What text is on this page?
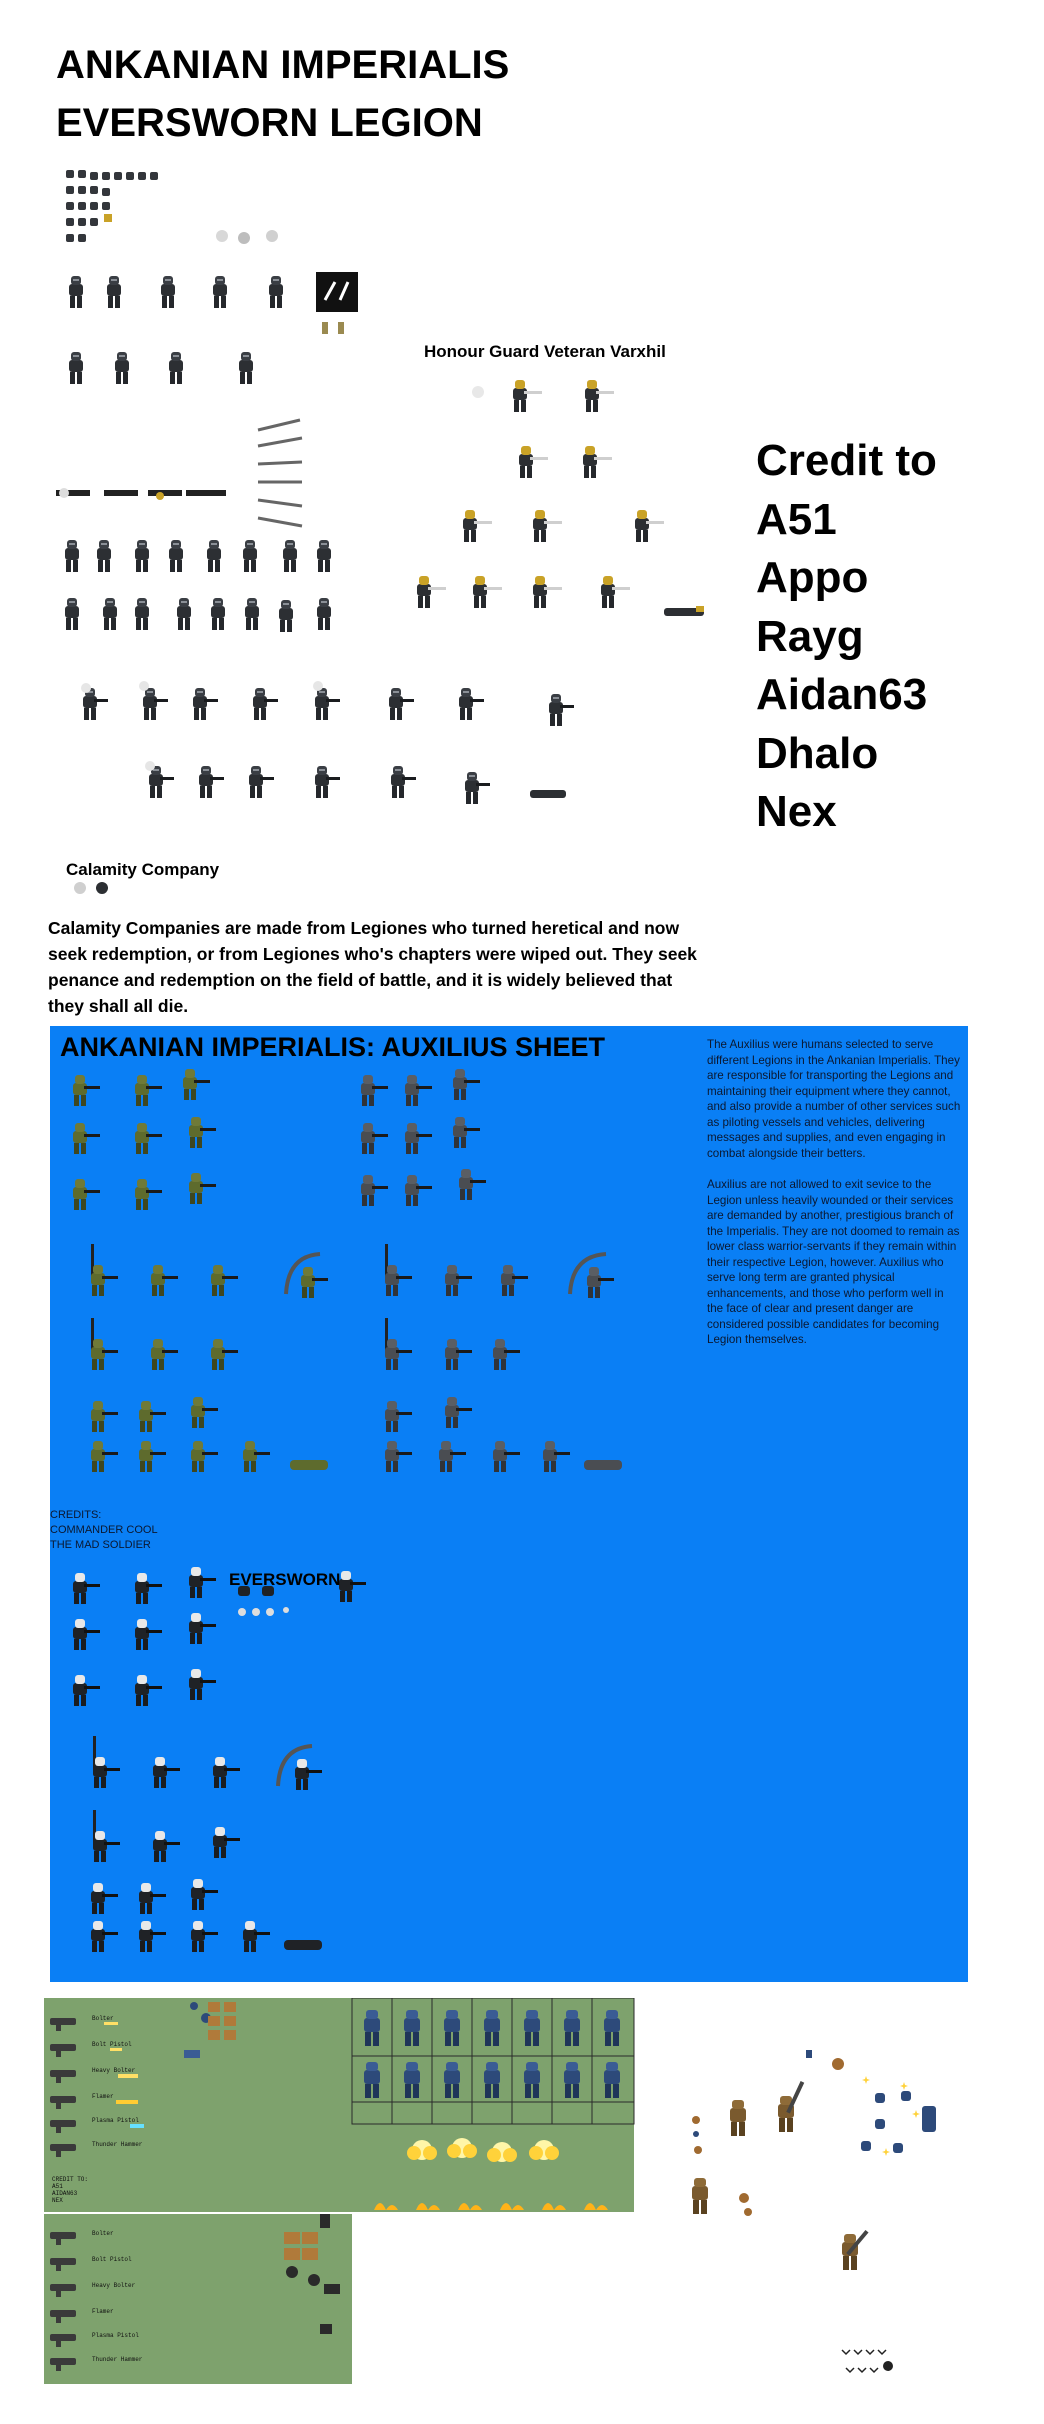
ANKANIAN IMPERIALIS
EVERSWORN LEGION
Honour Guard Veteran Varxhil
Credit to
A51
Appo
Rayg
Aidan63
Dhalo
Nex
Calamity Company
Calamity Companies are made from Legiones who turned heretical and now seek redemption, or from Legiones who's chapters were wiped out. They seek penance and redemption on the field of battle, and it is widely believed that they shall all die.
ANKANIAN IMPERIALIS: AUXILIUS SHEET	The Auxilius were humans selected to serve different Legions in the Ankanian Imperialis. They are responsible for transporting the Legions and maintaining their equipment where they cannot, and also provide a number of other services such as piloting vessels and vehicles, delivering messages and supplies, and even engaging in combat alongside their betters.

Auxilius are not allowed to exit sevice to the Legion unless heavily wounded or their services are demanded by another, prestigious branch of the Imperialis. They are not doomed to remain as lower class warrior-servants if they remain within their respective Legion, however. Auxilius who serve long term are granted physical enhancements, and those who perform well in the face of clear and present danger are considered possible candidates for becoming Legion themselves.

CREDITS:
COMMANDER COOL
THE MAD SOLDIER
EVERSWORN
Bolter
Bolt Pistol
Heavy Bolter
Flamer
Plasma Pistol
Thunder Hammer
CREDIT TO:
A51
AIDAN63
NEX
Bolter
Bolt Pistol
Heavy Bolter
Flamer
Plasma Pistol
Thunder Hammer
